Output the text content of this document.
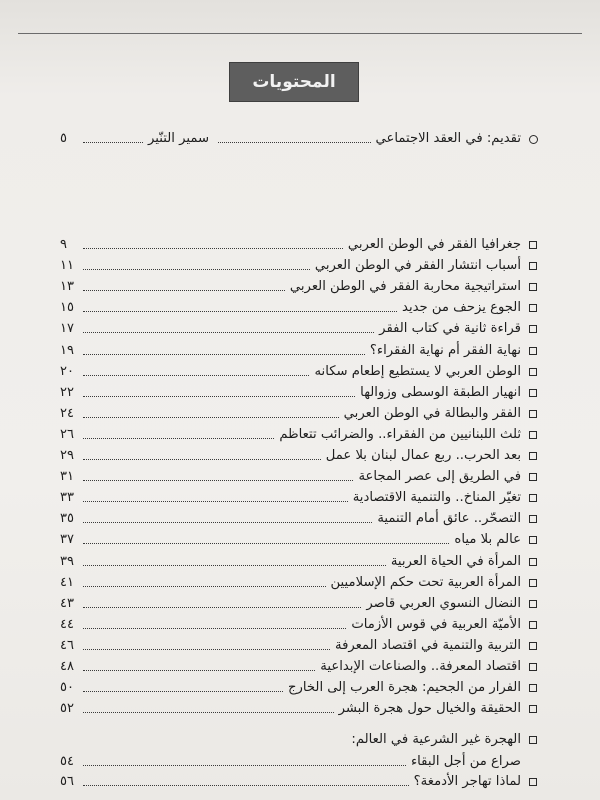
المحتويات
تقديم: في العقد الاجتماعي
سمير التنّير
٥
جغرافيا الفقر في الوطن العربي
٩
أسباب انتشار الفقر في الوطن العربي
١١
استراتيجية محاربة الفقر في الوطن العربي
١٣
الجوع يزحف من جديد
١٥
قراءة ثانية في كتاب الفقر
١٧
نهاية الفقر أم نهاية الفقراء؟
١٩
الوطن العربي لا يستطيع إطعام سكانه
٢٠
انهيار الطبقة الوسطى وزوالها
٢٢
الفقر والبطالة في الوطن العربي
٢٤
ثلث اللبنانيين من الفقراء.. والضرائب تتعاظم
٢٦
بعد الحرب.. ربع عمال لبنان بلا عمل
٢٩
في الطريق إلى عصر المجاعة
٣١
تغيّر المناخ.. والتنمية الاقتصادية
٣٣
التصحّر.. عائق أمام التنمية
٣٥
عالم بلا مياه
٣٧
المرأة في الحياة العربية
٣٩
المرأة العربية تحت حكم الإسلاميين
٤١
النضال النسوي العربي قاصر
٤٣
الأميّة العربية في قوس الأزمات
٤٤
التربية والتنمية في اقتصاد المعرفة
٤٦
اقتصاد المعرفة.. والصناعات الإبداعية
٤٨
الفرار من الجحيم: هجرة العرب إلى الخارج
٥٠
الحقيقة والخيال حول هجرة البشر
٥٢
الهجرة غير الشرعية في العالم:
صراع من أجل البقاء
٥٤
لماذا تهاجر الأدمغة؟
٥٦
